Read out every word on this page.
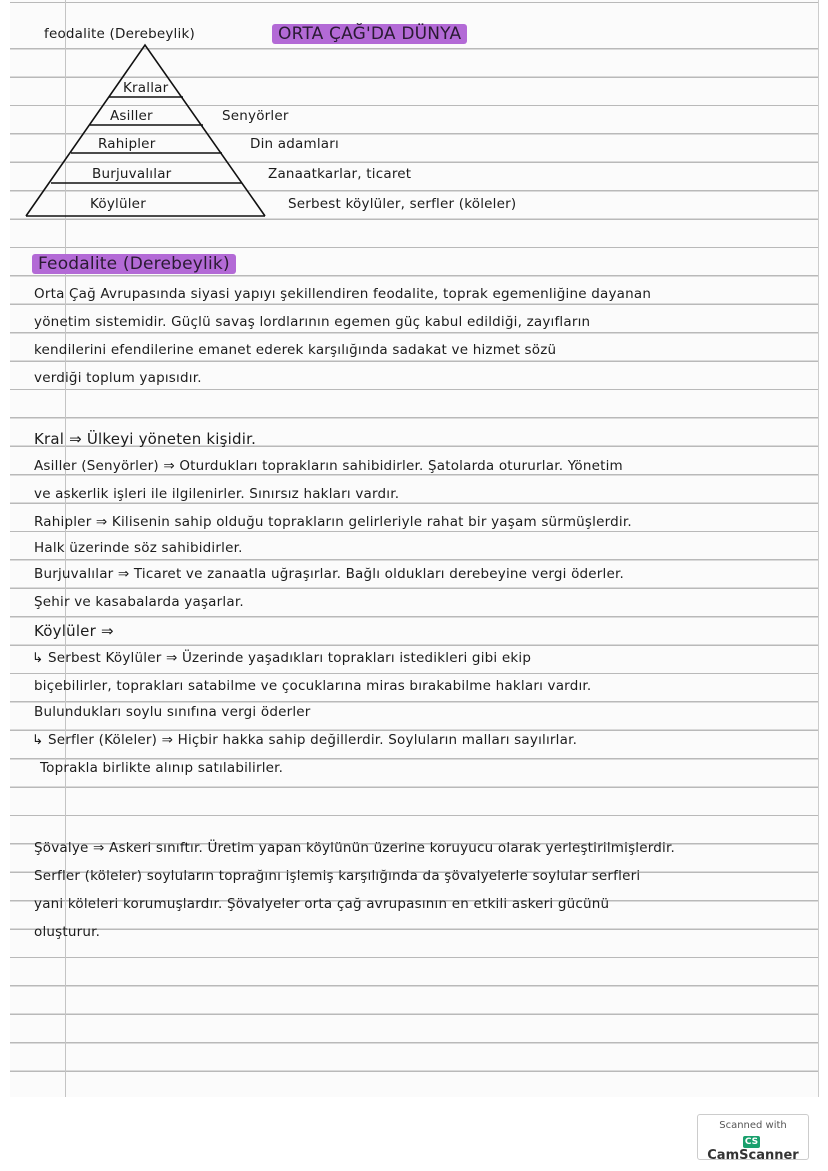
feodalite (Derebeylik)	ORTA ÇAĞ'DA DÜNYA
Krallar
Asiller
Rahipler
Burjuvalılar
Köylüler
Senyörler
Din adamları
Zanaatkarlar, ticaret
Serbest köylüler, serfler (köleler)
Feodalite (Derebeylik)
Orta Çağ Avrupasında siyasi yapıyı şekillendiren feodalite, toprak egemenliğine dayanan
yönetim sistemidir. Güçlü savaş lordlarının egemen güç kabul edildiği, zayıfların
kendilerini efendilerine emanet ederek karşılığında sadakat ve hizmet sözü
verdiği toplum yapısıdır.
Kral ⇒ Ülkeyi yöneten kişidir.
Asiller (Senyörler) ⇒ Oturdukları toprakların sahibidirler. Şatolarda otururlar. Yönetim
ve askerlik işleri ile ilgilenirler. Sınırsız hakları vardır.
Rahipler ⇒ Kilisenin sahip olduğu toprakların gelirleriyle rahat bir yaşam sürmüşlerdir.
Halk üzerinde söz sahibidirler.
Burjuvalılar ⇒ Ticaret ve zanaatla uğraşırlar. Bağlı oldukları derebeyine vergi öderler.
Şehir ve kasabalarda yaşarlar.
Köylüler ⇒
↳ Serbest Köylüler ⇒ Üzerinde yaşadıkları toprakları istedikleri gibi ekip
biçebilirler, toprakları satabilme ve çocuklarına miras bırakabilme hakları vardır.
Bulundukları soylu sınıfına vergi öderler
↳ Serfler (Köleler) ⇒ Hiçbir hakka sahip değillerdir. Soyluların malları sayılırlar.
Toprakla birlikte alınıp satılabilirler.
Şövalye ⇒ Askeri sınıftır. Üretim yapan köylünün üzerine koruyucu olarak yerleştirilmişlerdir.
Serfler (köleler) soyluların toprağını işlemiş karşılığında da şövalyelerle soylular serfleri
yani köleleri korumuşlardır. Şövalyeler orta çağ avrupasının en etkili askeri gücünü
oluşturur.
Scanned with
CSCamScanner
